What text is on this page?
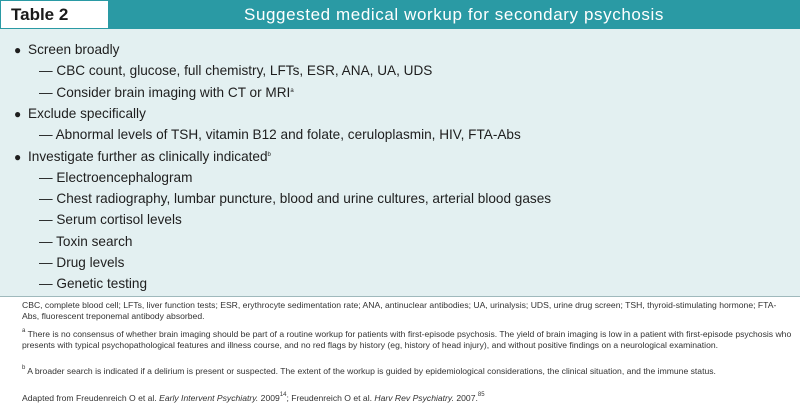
Table 2	Suggested medical workup for secondary psychosis
● Screen broadly
— CBC count, glucose, full chemistry, LFTs, ESR, ANA, UA, UDS
— Consider brain imaging with CT or MRI$^a$
● Exclude specifically
— Abnormal levels of TSH, vitamin B12 and folate, ceruloplasmin, HIV, FTA-Abs
● Investigate further as clinically indicated$^b$
— Electroencephalogram
— Chest radiography, lumbar puncture, blood and urine cultures, arterial blood gases
— Serum cortisol levels
— Toxin search
— Drug levels
— Genetic testing
CBC, complete blood cell; LFTs, liver function tests; ESR, erythrocyte sedimentation rate; ANA, antinuclear antibodies; UA, urinalysis; UDS, urine drug screen; TSH, thyroid-stimulating hormone; FTA-Abs, fluorescent treponemal antibody absorbed.
$^a$ There is no consensus of whether brain imaging should be part of a routine workup for patients with first-episode psychosis. The yield of brain imaging is low in a patient with first-episode psychosis who presents with typical psychopathological features and illness course, and no red flags by history (eg, history of head injury), and without positive findings on a neurological examination.
$^b$ A broader search is indicated if a delirium is present or suspected. The extent of the workup is guided by epidemiological considerations, the clinical situation, and the immune status.
Adapted from Freudenreich O et al. Early Intervent Psychiatry. 2009$^{14}$; Freudenreich O et al. Harv Rev Psychiatry. 2007.85
